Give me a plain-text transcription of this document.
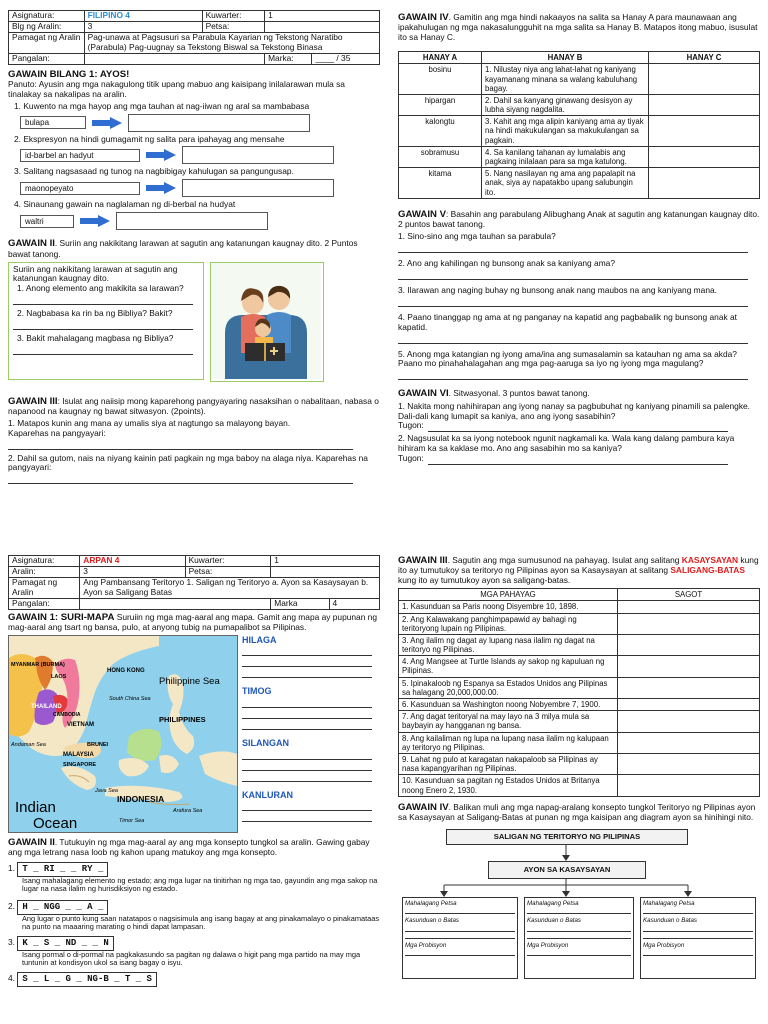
Asignatura:	FILIPINO 4	Kuwarter:	1	
Blg ng Aralin:	3	Petsa:		
Pamagat ng Aralin	Pag-unawa at Pagsusuri sa Parabula Kayarian ng Tekstong Naratibo (Parabula) Pag-uugnay sa Tekstong Biswal sa Tekstong Binasa			
Pangalan:			Marka:	____ / 35
GAWAIN BILANG 1: AYOS!
Panuto: Ayusin ang mga nakagulong titik upang mabuo ang kaisipang inilalarawan mula sa tinalakay sa nakalipas na aralin.
1. Kuwento na mga hayop ang mga tauhan at nag-iiwan ng aral sa mambabasa
bulapa
2. Ekspresyon na hindi gumagamit ng salita para ipahayag ang mensahe
id-barbel an hadyut
3. Salitang nagsasaad ng tunog na nagbibigay kahulugan sa pangungusap.
maonopeyato
4. Sinaunang gawain na naglalaman ng di-berbal na hudyat
waltri
GAWAIN II. Suriin ang nakikitang larawan at sagutin ang katanungan kaugnay dito. 2 Puntos bawat tanong.
Suriin ang nakikitang larawan at sagutin ang katanungan kaugnay dito.
1. Anong elemento ang makikita sa larawan?
2. Nagbabasa ka rin ba ng Bibliya? Bakit?
3. Bakit mahalagang magbasa ng Bibliya?
GAWAIN III: Isulat ang naiisip mong kaparehong pangyayaring nasaksihan o nabalitaan, nabasa o napanood na kaugnay ng bawat sitwasyon. (2points).
1. Matapos kunin ang mana ay umalis siya at nagtungo sa malayong bayan.
Kaparehas na pangyayari:
2. Dahil sa gutom, nais na niyang kainin pati pagkain ng mga baboy na alaga niya. Kaparehas na pangyayari:
GAWAIN IV. Gamitin ang mga hindi nakaayos na salita sa Hanay A para maunawaan ang ipakahulugan ng mga nakasalungguhit na mga salita sa Hanay B. Matapos itong mabuo, isusulat ito sa Hanay C.
HANAY A	HANAY B	HANAY C
bosinu	1. Nilustay niya ang lahat-lahat ng kaniyang kayamanang minana sa walang kabuluhang bagay.	
hipargan	2. Dahil sa kanyang ginawang desisyon ay lubha siyang nagdalita.	
kalongtu	3. Kahit ang mga alipin kaniyang ama ay tiyak na hindi makukulangan sa makukulangan sa pagkain.	
sobramusu	4. Sa kanilang tahanan ay lumalabis ang pagkaing inilalaan para sa mga katulong.	
kitama	5. Nang nasilayan ng ama ang papalapit na anak, siya ay napatakbo upang salubungin ito.	
GAWAIN V: Basahin ang parabulang Alibughang Anak at sagutin ang katanungan kaugnay dito. 2 puntos bawat tanong.
1. Sino-sino ang mga tauhan sa parabula?
2. Ano ang kahilingan ng bunsong anak sa kaniyang ama?
3. Ilarawan ang naging buhay ng bunsong anak nang maubos na ang kaniyang mana.
4. Paano tinanggap ng ama at ng panganay na kapatid ang pagbabalik ng bunsong anak at kapatid.
5. Anong mga katangian ng iyong ama/ina ang sumasalamin sa katauhan ng ama sa akda? Paano mo pinahahalagahan ang mga pag-aaruga sa iyo ng iyong mga magulang?
GAWAIN VI. Sitwasyonal. 3 puntos bawat tanong.
1. Nakita mong nahihirapan ang iyong nanay sa pagbubuhat ng kaniyang pinamili sa palengke. Dali-dali kang lumapit sa kaniya, ano ang iyong sasabihin?
Tugon:
2. Nagsusulat ka sa iyong notebook ngunit nagkamali ka. Wala kang dalang pambura kaya hihiram ka sa kaklase mo. Ano ang sasabihin mo sa kaniya?
Tugon:
Asignatura:	ARPAN 4	Kuwarter:	1	
Aralin:	3	Petsa:		
Pamagat ng Aralin	Ang Pambansang Teritoryo 1. Saligan ng Teritoryo a. Ayon sa Kasaysayan b. Ayon sa Saligang Batas			
Pangalan:			Marka	4
GAWAIN 1: SURI-MAPA Suruiin ng mga mag-aaral ang mapa. Gamit ang mapa ay pupunan ng mag-aaral ang tsart ng bansa, pulo, at anyong tubig na pumapalibot sa Pilipinas.
MYANMAR (BURMA)
LAOS
THAILAND
CAMBODIA
VIETNAM
HONG KONG
South China Sea
Philippine Sea
PHILIPPINES
Andaman Sea	BRUNEI
MALAYSIA
SINGAPORE
Java Sea
INDONESIA
Arafura Sea
Timor Sea
Indian
Ocean
HILAGA
TIMOG
SILANGAN
KANLURAN
GAWAIN II. Tutukuyin ng mga mag-aaral ay ang mga konsepto tungkol sa aralin. Gawing gabay ang mga letrang nasa loob ng kahon upang matukoy ang mga konsepto.
1. T _ RI _ _ RY _
Isang mahalagang elemento ng estado; ang mga lugar na tinitirhan ng mga tao, gayundin ang mga sakop na lugar na nasa ilalim ng hurisdiksiyon ng estado.
2. H _ NGG _ _ A _
Ang lugar o punto kung saan natatapos o nagsisimula ang isang bagay at ang pinakamalayo o pinakamataas na punto na maaaring marating o hindi dapat lampasan.
3. K _ S _ ND _ _ N
Isang pormal o di-pormal na pagkakasundo sa pagitan ng dalawa o higit pang mga partido na may mga tuntunin at kondisyon ukol sa isang bagay o isyu.
4. S _ L _ G _ NG-B _ T _ S
GAWAIN III. Sagutin ang mga sumusunod na pahayag. Isulat ang salitang KASAYSAYAN kung ito ay tumutukoy sa teritoryo ng Pilipinas ayon sa Kasaysayan at salitang SALIGANG-BATAS kung ito ay tumutukoy ayon sa saligang-batas.
MGA PAHAYAG	SAGOT
1. Kasunduan sa Paris noong Disyembre 10, 1898.	
2. Ang Kalawakang panghimpapawid ay bahagi ng teritoryong lupain ng Pilipinas.	
3. Ang ilalim ng dagat ay lupang nasa ilalim ng dagat na teritoryo ng Pilipinas.	
4. Ang Mangsee at Turtle Islands ay sakop ng kapuluan ng Pilipinas.	
5. Ipinakaloob ng Espanya sa Estados Unidos ang Pilipinas sa halagang 20,000,000.00.	
6. Kasunduan sa Washington noong Nobyembre 7, 1900.	
7. Ang dagat teritoryal na may layo na 3 milya mula sa baybayin ay hangganan ng bansa.	
8. Ang kailaliman ng lupa na lupang nasa ilalim ng kalupaan ay teritoryo ng Pilipinas.	
9. Lahat ng pulo at karagatan nakapaloob sa Pilipinas ay nasa kapangyarihan ng Pilipinas.	
10. Kasunduan sa pagitan ng Estados Unidos at Britanya noong Enero 2, 1930.	
GAWAIN IV. Balikan muli ang mga napag-aralang konsepto tungkol Teritoryo ng Pilipinas ayon sa Kasaysayan at Saligang-Batas at punan ng mga kaisipan ang diagram ayon sa hinihingi nito.
SALIGAN NG TERITORYO NG PILIPINAS
AYON SA KASAYSAYAN
Mahalagang Petsa
Kasunduan o Batas
Mga Probisyon
Mahalagang Petsa
Kasunduan o Batas
Mga Probisyon
Mahalagang Petsa
Kasunduan o Batas
Mga Probisyon
